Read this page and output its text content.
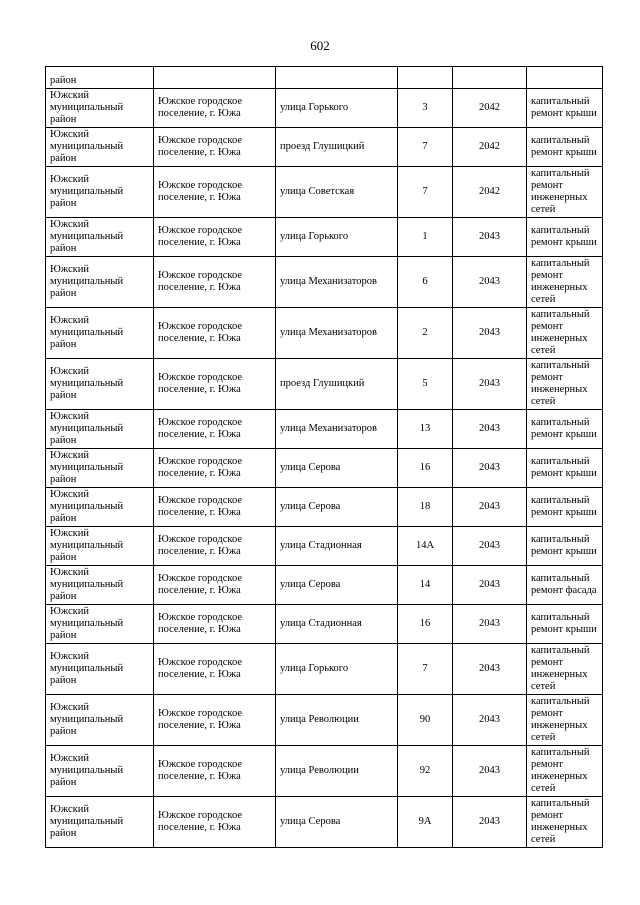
602
район					
Южский муниципальный район	Южское городское поселение, г. Южа	улица Горького	3	2042	капитальный ремонт крыши
Южский муниципальный район	Южское городское поселение, г. Южа	проезд Глушицкий	7	2042	капитальный ремонт крыши
Южский муниципальный район	Южское городское поселение, г. Южа	улица Советская	7	2042	капитальный ремонт инженерных сетей
Южский муниципальный район	Южское городское поселение, г. Южа	улица Горького	1	2043	капитальный ремонт крыши
Южский муниципальный район	Южское городское поселение, г. Южа	улица Механизаторов	6	2043	капитальный ремонт инженерных сетей
Южский муниципальный район	Южское городское поселение, г. Южа	улица Механизаторов	2	2043	капитальный ремонт инженерных сетей
Южский муниципальный район	Южское городское поселение, г. Южа	проезд Глушицкий	5	2043	капитальный ремонт инженерных сетей
Южский муниципальный район	Южское городское поселение, г. Южа	улица Механизаторов	13	2043	капитальный ремонт крыши
Южский муниципальный район	Южское городское поселение, г. Южа	улица Серова	16	2043	капитальный ремонт крыши
Южский муниципальный район	Южское городское поселение, г. Южа	улица Серова	18	2043	капитальный ремонт крыши
Южский муниципальный район	Южское городское поселение, г. Южа	улица Стадионная	14А	2043	капитальный ремонт крыши
Южский муниципальный район	Южское городское поселение, г. Южа	улица Серова	14	2043	капитальный ремонт фасада
Южский муниципальный район	Южское городское поселение, г. Южа	улица Стадионная	16	2043	капитальный ремонт крыши
Южский муниципальный район	Южское городское поселение, г. Южа	улица Горького	7	2043	капитальный ремонт инженерных сетей
Южский муниципальный район	Южское городское поселение, г. Южа	улица Революции	90	2043	капитальный ремонт инженерных сетей
Южский муниципальный район	Южское городское поселение, г. Южа	улица Революции	92	2043	капитальный ремонт инженерных сетей
Южский муниципальный район	Южское городское поселение, г. Южа	улица Серова	9А	2043	капитальный ремонт инженерных сетей
